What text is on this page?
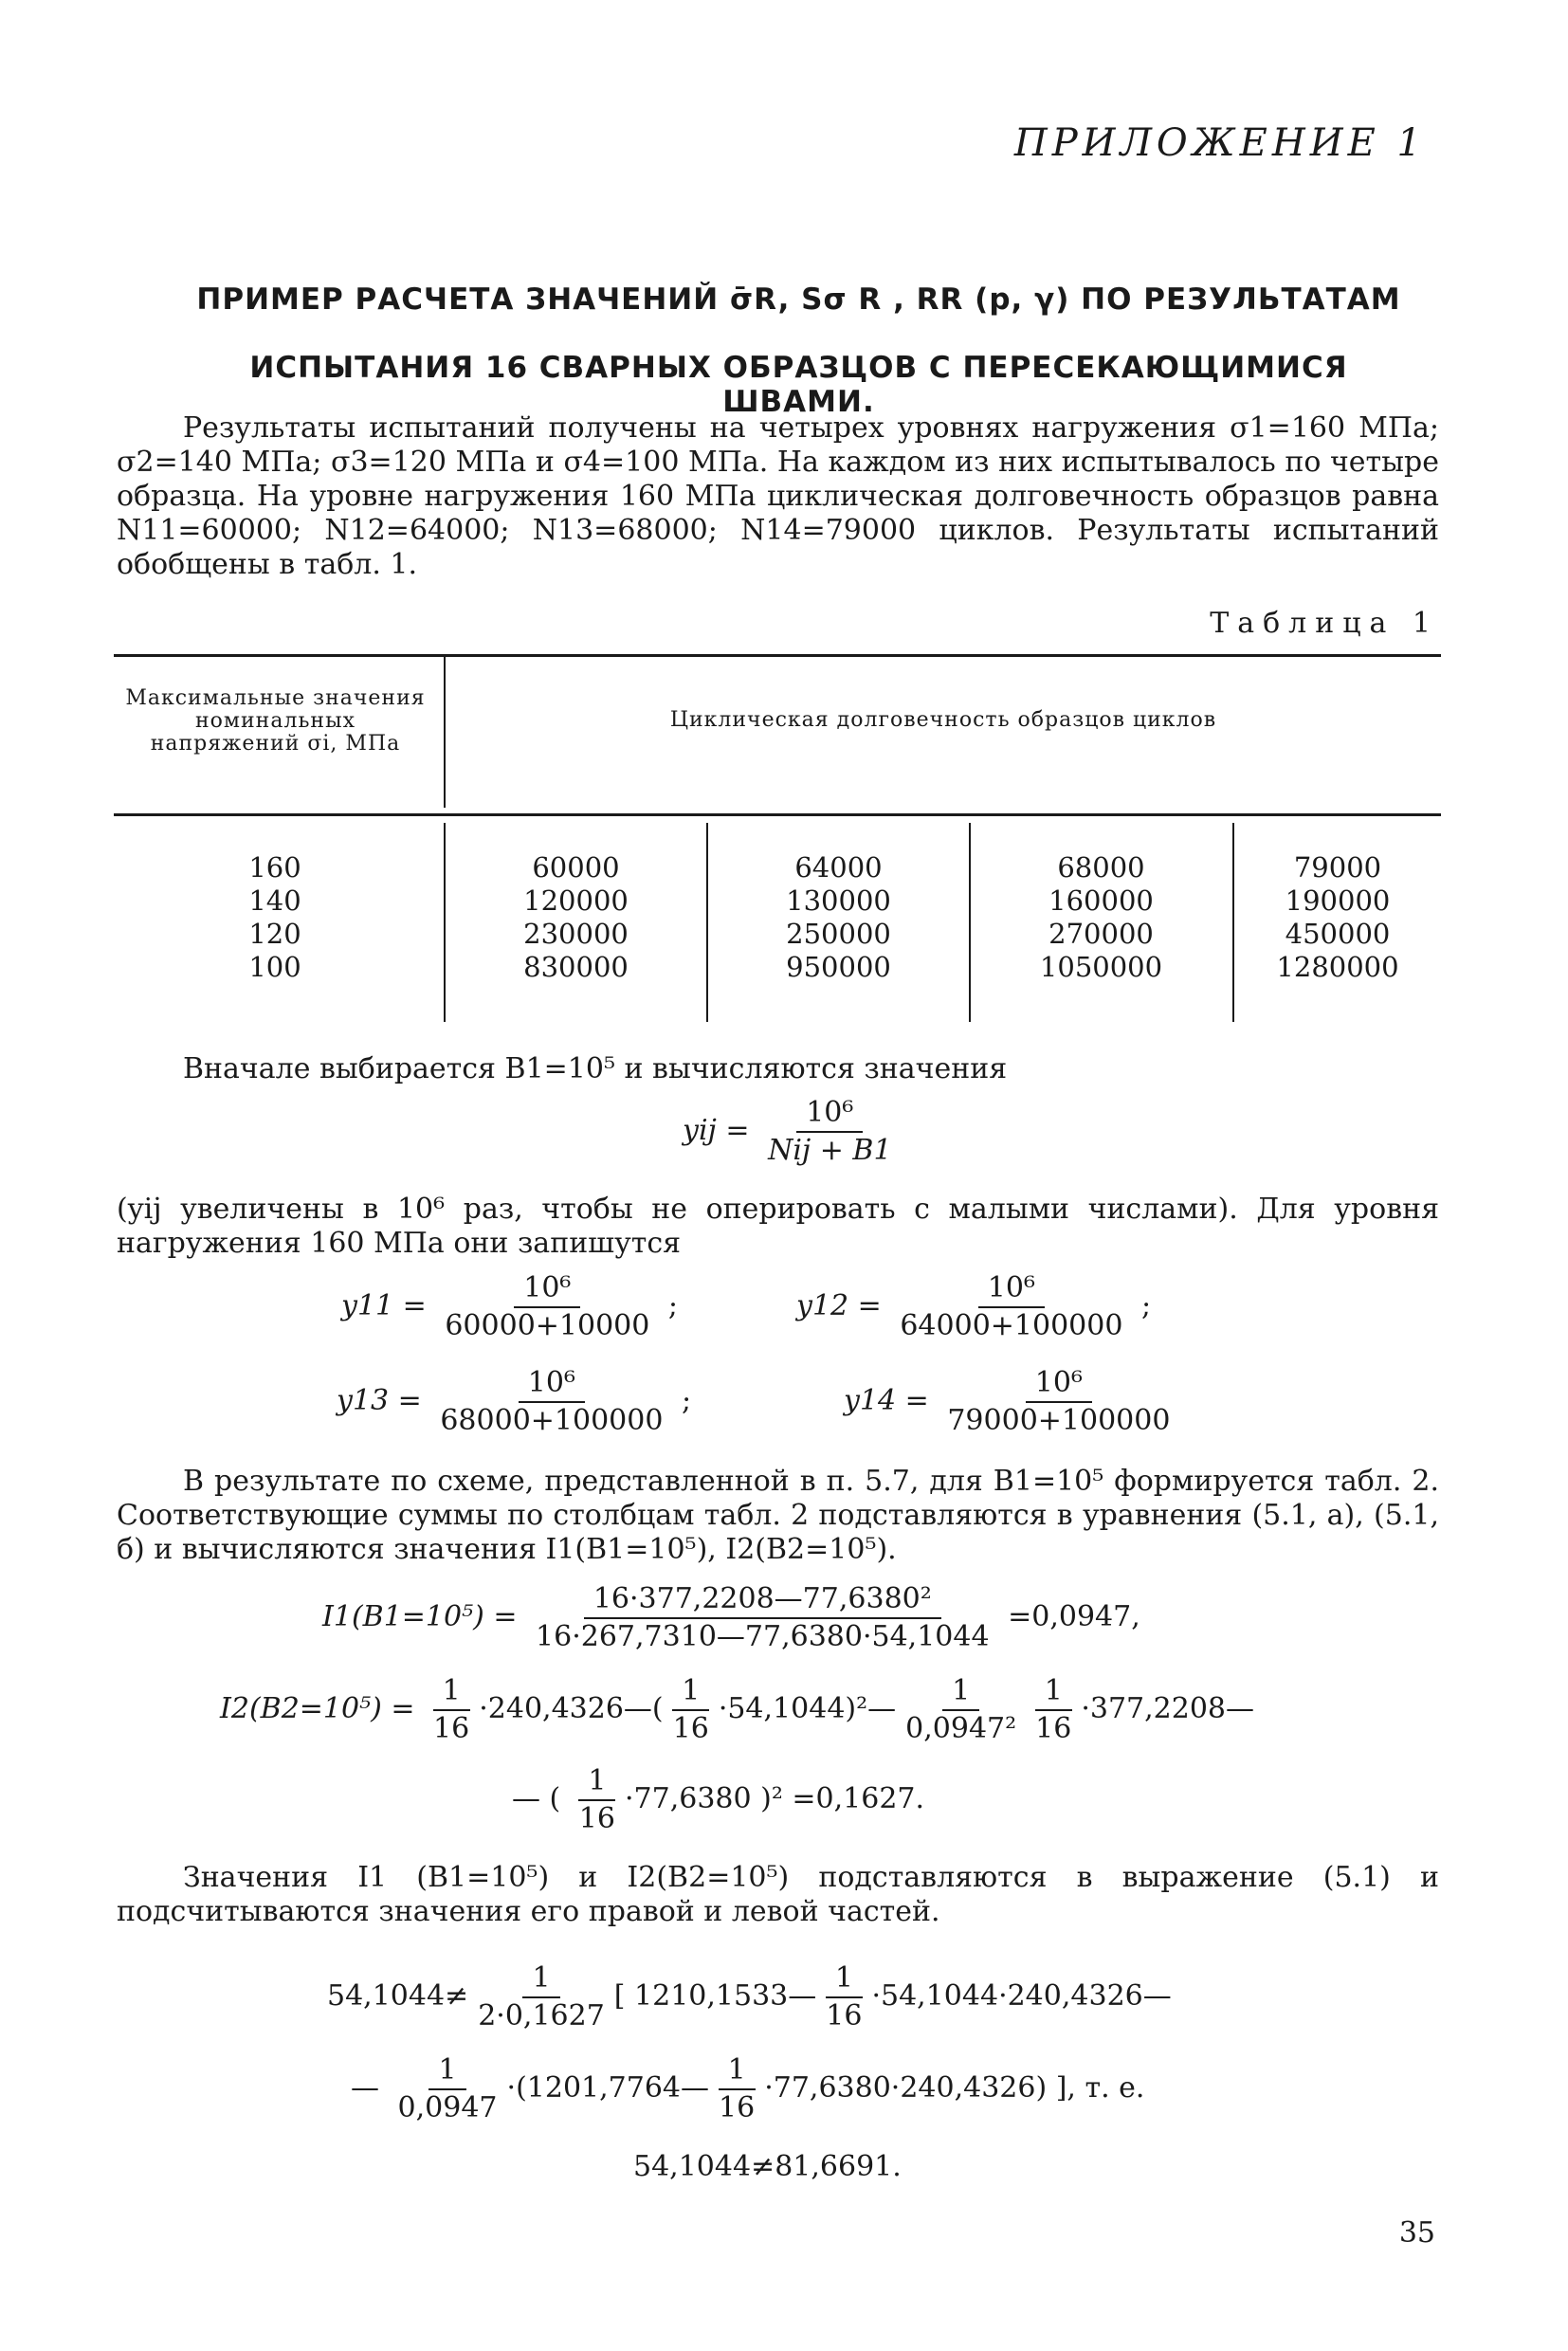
ПРИЛОЖЕНИЕ 1
ПРИМЕР РАСЧЕТА ЗНАЧЕНИЙ σ̄R, Sσ R , RR (p, γ) ПО РЕЗУЛЬТАТАМ
ИСПЫТАНИЯ 16 СВАРНЫХ ОБРАЗЦОВ С ПЕРЕСЕКАЮЩИМИСЯ ШВАМИ.
Результаты испытаний получены на четырех уровнях нагружения σ1=160 МПа; σ2=140 МПа; σ3=120 МПа и σ4=100 МПа. На каждом из них испытывалось по четыре образца. На уровне нагружения 160 МПа циклическая долговечность образцов равна N11=60000; N12=64000; N13=68000; N14=79000 циклов. Результаты испытаний обобщены в табл. 1.
Таблица 1
Максимальные значения номинальных напряжений σi, МПа
Циклическая долговечность образцов циклов
160
140
120
100
60000
120000
230000
830000
64000
130000
250000
950000
68000
160000
270000
1050000
79000
190000
450000
1280000
Вначале выбирается B1=10⁵ и вычисляются значения
yij = $\frac{\text{10⁶}}{\text{Nij + B1}}$
(yij увеличены в 10⁶ раз, чтобы не оперировать с малыми числами). Для уровня нагружения 160 МПа они запишутся
$y11 = \frac{\text{10⁶}}{60000+10000}$ ;	$y12 = \frac{\text{10⁶}}{64000+100000}$ ;
$y13 = \frac{\text{10⁶}}{68000+100000}$ ;	$y14 = \frac{\text{10⁶}}{79000+100000}$
В результате по схеме, представленной в п. 5.7, для B1=10⁵ формируется табл. 2. Соответствующие суммы по столбцам табл. 2 подставляются в уравнения (5.1, а), (5.1, б) и вычисляются значения I1(B1=10⁵), I2(B2=10⁵).
$I1(B1=10^5) = \frac{\text{16·377,2208—77,6380²}}{16\cdot 267,7310—77,6380\cdot 54,1044} =0,0947$,
$I2(B2=10^5) = \frac{1}{16}$ ·240,4326—( $\frac{1}{16}$ ·54,1044)²— $\frac{1}{\text{0,0947²}} \frac{1}{16}$ ·377,2208—
— ( $\frac{1}{16} \cdot 77,6380$ )² =0,1627.
Значения I1 (B1=10⁵) и I2(B2=10⁵) подставляются в выражение (5.1) и подсчитываются значения его правой и левой частей.
$54,1044\ne \frac{1}{2\cdot 0,1627}$ [ 1210,1533— $\frac{1}{16}$ ·54,1044·240,4326—
— $\frac{1}{0,0947}$ ·(1201,7764— $\frac{1}{16} \cdot 77,6380\cdot 240,4326$) ], т. е.
54,1044≠81,6691.
35
